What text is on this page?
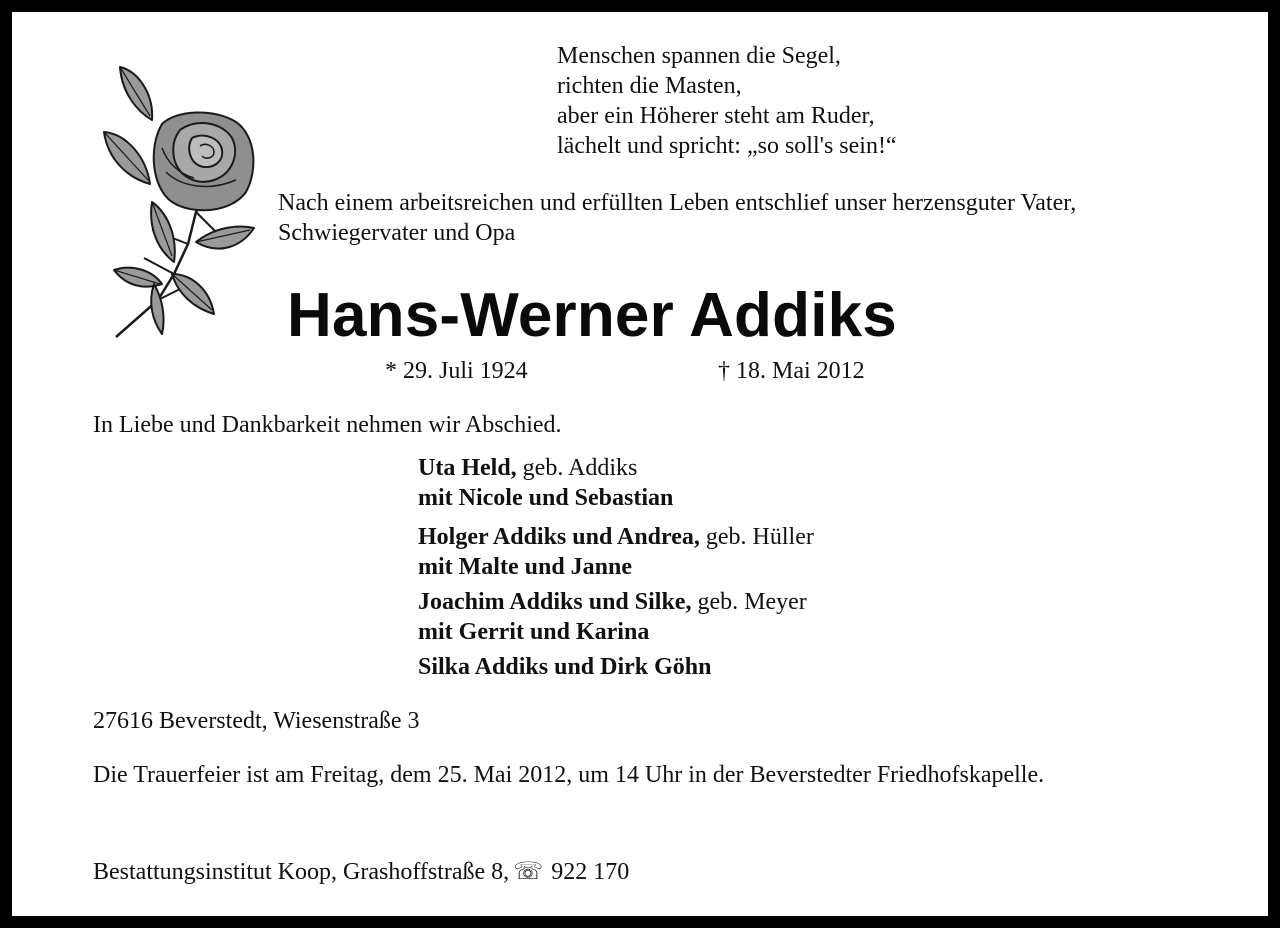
Menschen spannen die Segel,
richten die Masten,
aber ein Höherer steht am Ruder,
lächelt und spricht: „so soll's sein!“

Nach einem arbeitsreichen und erfüllten Leben entschlief unser herzensguter Vater, Schwiegervater und Opa

Hans-Werner Addiks
* 29. Juli 1924	† 18. Mai 2012
In Liebe und Dankbarkeit nehmen wir Abschied.
Uta Held, geb. Addiks
mit Nicole und Sebastian
Holger Addiks und Andrea, geb. Hüller
mit Malte und Janne
Joachim Addiks und Silke, geb. Meyer
mit Gerrit und Karina
Silka Addiks und Dirk Göhn
27616 Beverstedt, Wiesenstraße 3

Die Trauerfeier ist am Freitag, dem 25. Mai 2012, um 14 Uhr in der Beverstedter Friedhofskapelle.

Bestattungsinstitut Koop, Grashoffstraße 8, ☏ 922 170
